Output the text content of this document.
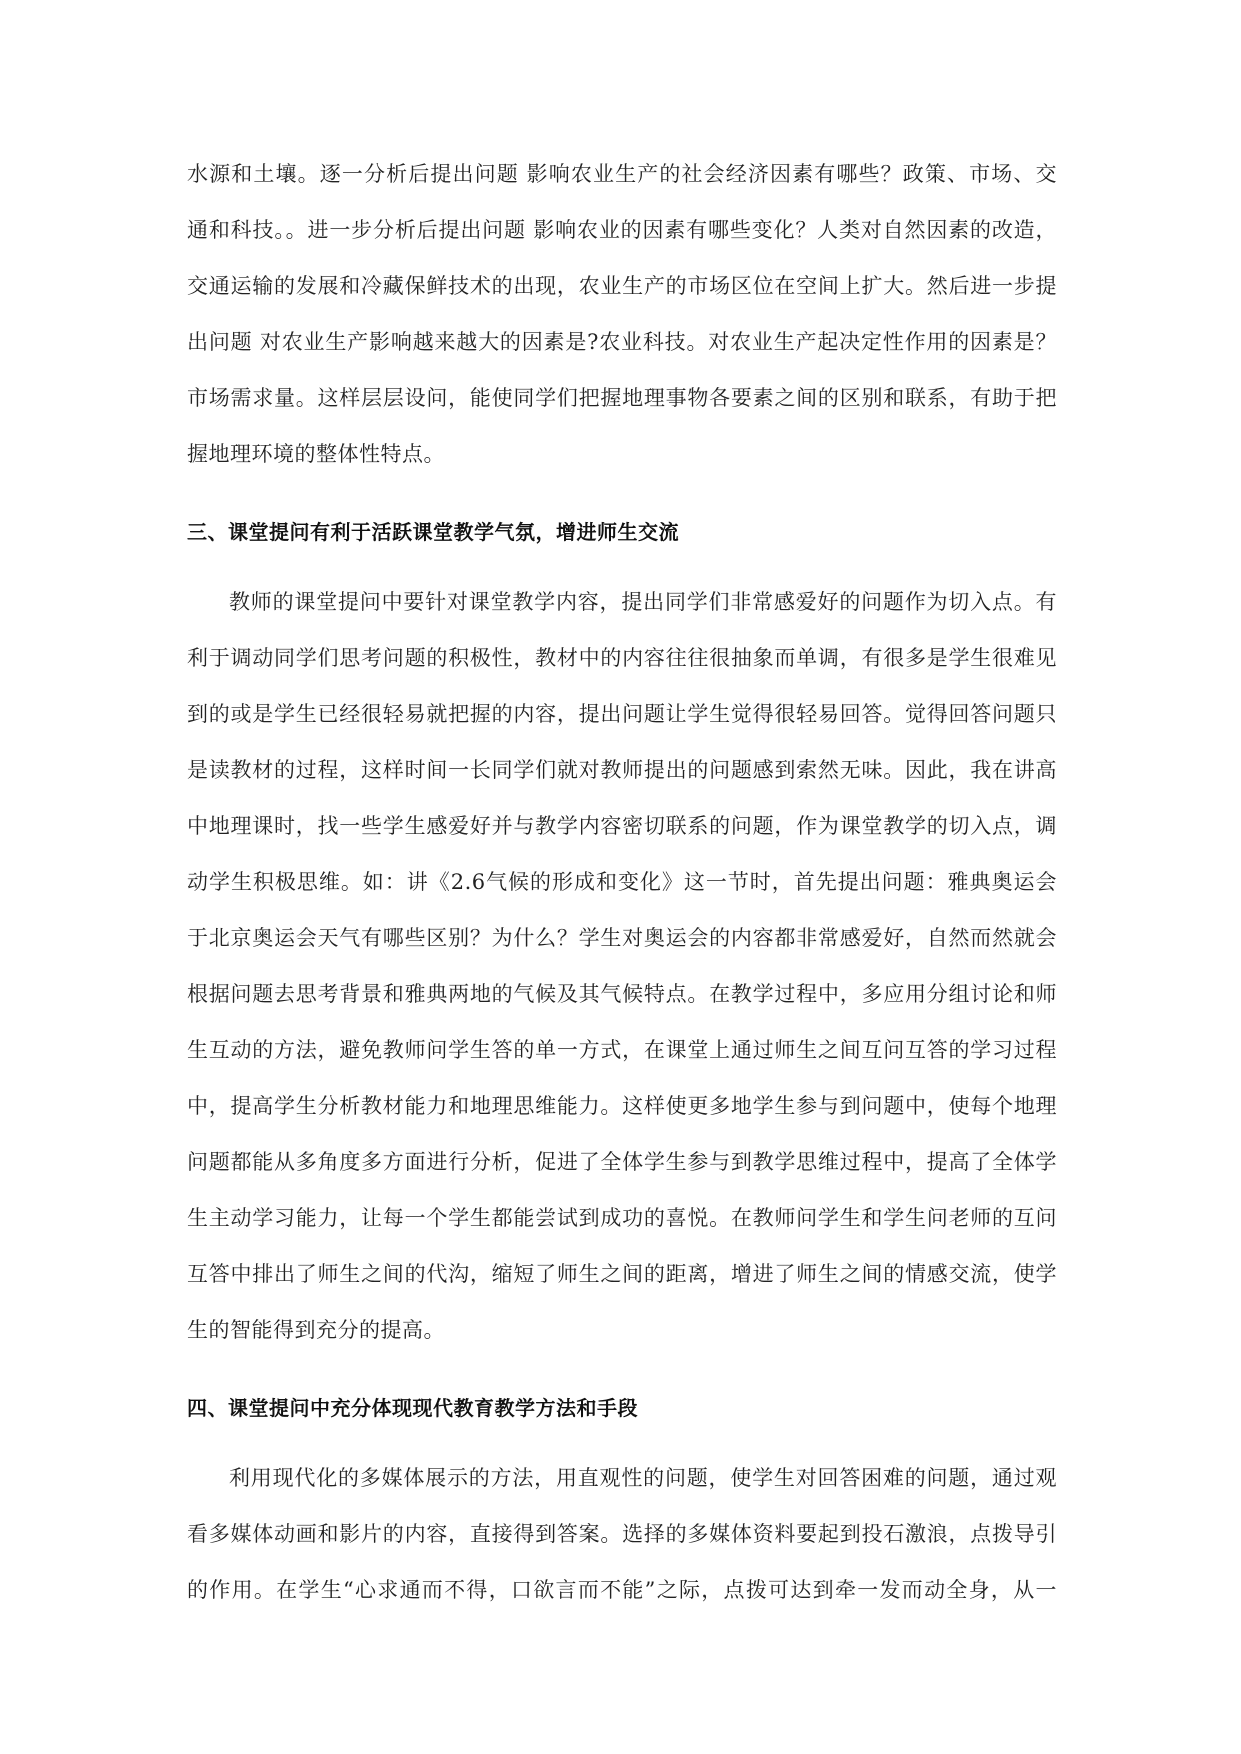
水源和土壤。逐一分析后提出问题 影响农业生产的社会经济因素有哪些？政策、市场、交
通和科技。。进一步分析后提出问题 影响农业的因素有哪些变化？人类对自然因素的改造，
交通运输的发展和冷藏保鲜技术的出现，农业生产的市场区位在空间上扩大。然后进一步提
出问题 对农业生产影响越来越大的因素是?农业科技。对农业生产起决定性作用的因素是？
市场需求量。这样层层设问，能使同学们把握地理事物各要素之间的区别和联系，有助于把
握地理环境的整体性特点。
三、课堂提问有利于活跃课堂教学气氛，增进师生交流
教师的课堂提问中要针对课堂教学内容，提出同学们非常感爱好的问题作为切入点。有
利于调动同学们思考问题的积极性，教材中的内容往往很抽象而单调，有很多是学生很难见
到的或是学生已经很轻易就把握的内容，提出问题让学生觉得很轻易回答。觉得回答问题只
是读教材的过程，这样时间一长同学们就对教师提出的问题感到索然无味。因此，我在讲高
中地理课时，找一些学生感爱好并与教学内容密切联系的问题，作为课堂教学的切入点，调
动学生积极思维。如：讲《2.6气候的形成和变化》这一节时，首先提出问题：雅典奥运会
于北京奥运会天气有哪些区别？为什么？学生对奥运会的内容都非常感爱好，自然而然就会
根据问题去思考背景和雅典两地的气候及其气候特点。在教学过程中，多应用分组讨论和师
生互动的方法，避免教师问学生答的单一方式，在课堂上通过师生之间互问互答的学习过程
中，提高学生分析教材能力和地理思维能力。这样使更多地学生参与到问题中，使每个地理
问题都能从多角度多方面进行分析，促进了全体学生参与到教学思维过程中，提高了全体学
生主动学习能力，让每一个学生都能尝试到成功的喜悦。在教师问学生和学生问老师的互问
互答中排出了师生之间的代沟，缩短了师生之间的距离，增进了师生之间的情感交流，使学
生的智能得到充分的提高。
四、课堂提问中充分体现现代教育教学方法和手段
利用现代化的多媒体展示的方法，用直观性的问题，使学生对回答困难的问题，通过观
看多媒体动画和影片的内容，直接得到答案。选择的多媒体资料要起到投石激浪，点拨导引
的作用。在学生“心求通而不得，口欲言而不能”之际，点拨可达到牵一发而动全身，从一
